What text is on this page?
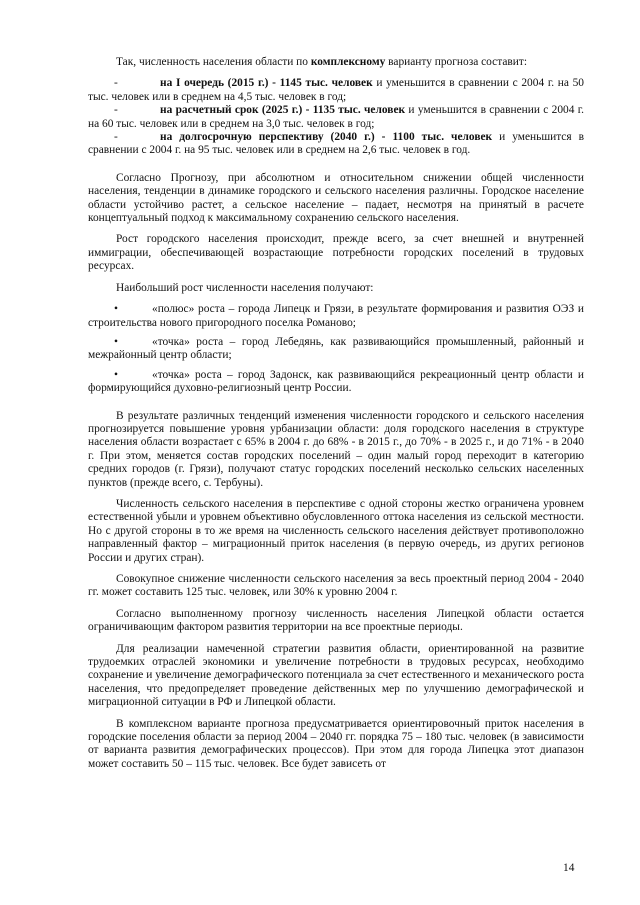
Так, численность населения области по комплексному варианту прогноза составит:

-	на I очередь (2015 г.) - 1145 тыс. человек и уменьшится в сравнении с 2004 г. на 50 тыс. человек или в среднем на 4,5 тыс. человек в год;
-	на расчетный срок (2025 г.) - 1135 тыс. человек и уменьшится в сравнении с 2004 г. на 60 тыс. человек или в среднем на 3,0 тыс. человек в год;
-	на долгосрочную перспективу (2040 г.) - 1100 тыс. человек и уменьшится в сравнении с 2004 г. на 95 тыс. человек или в среднем на 2,6 тыс. человек в год.

Согласно Прогнозу, при абсолютном и относительном снижении общей численности населения, тенденции в динамике городского и сельского населения различны. Городское население области устойчиво растет, а сельское население – падает, несмотря на принятый в расчете концептуальный подход к максимальному сохранению сельского населения.

Рост городского населения происходит, прежде всего, за счет внешней и внутренней иммиграции, обеспечивающей возрастающие потребности городских поселений в трудовых ресурсах.

Наибольший рост численности населения получают:

•	«полюс» роста – города Липецк и Грязи, в результате формирования и развития ОЭЗ и строительства нового пригородного поселка Романово;
•	«точка» роста – город Лебедянь, как развивающийся промышленный, районный и межрайонный центр области;
•	«точка» роста – город Задонск, как развивающийся рекреационный центр области и формирующийся духовно-религиозный центр России.

В результате различных тенденций изменения численности городского и сельского населения прогнозируется повышение уровня урбанизации области: доля городского населения в структуре населения области возрастает с 65% в 2004 г. до 68% - в 2015 г., до 70% - в 2025 г., и до 71% - в 2040 г. При этом, меняется состав городских поселений – один малый город переходит в категорию средних городов (г. Грязи), получают статус городских поселений несколько сельских населенных пунктов (прежде всего, с. Тербуны).

Численность сельского населения в перспективе с одной стороны жестко ограничена уровнем естественной убыли и уровнем объективно обусловленного оттока населения из сельской местности. Но с другой стороны в то же время на численность сельского населения действует противоположно направленный фактор – миграционный приток населения (в первую очередь, из других регионов России и других стран).

Совокупное снижение численности сельского населения за весь проектный период 2004 - 2040 гг. может составить 125 тыс. человек, или 30% к уровню 2004 г.

Согласно выполненному прогнозу численность населения Липецкой области остается ограничивающим фактором развития территории на все проектные периоды.

Для реализации намеченной стратегии развития области, ориентированной на развитие трудоемких отраслей экономики и увеличение потребности в трудовых ресурсах, необходимо сохранение и увеличение демографического потенциала за счет естественного и механического роста населения, что предопределяет проведение действенных мер по улучшению демографической и миграционной ситуации в РФ и Липецкой области.

В комплексном варианте прогноза предусматривается ориентировочный приток населения в городские поселения области за период 2004 – 2040 гг. порядка 75 – 180 тыс. человек (в зависимости от варианта развития демографических процессов). При этом для города Липецка этот диапазон может составить 50 – 115 тыс. человек. Все будет зависеть от

14
